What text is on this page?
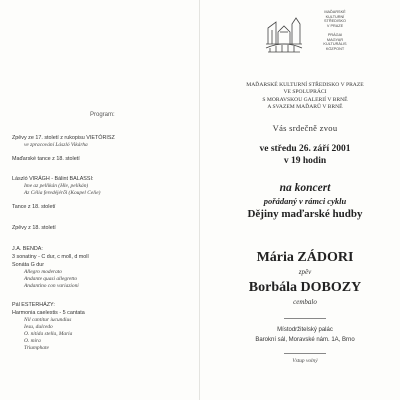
Program:
Zpěvy ze 17. století z rukopisu VIETÓRISZ
ve zpracování László Vikárha
Maďarské tance z 18. století
László VIRÁGH - Bálint BALASSI:
Ime az pellikán (Hle, pelikán)
Az Célia feredéjéről (Koupel Celie)
Tance z 18. století
Zpěvy z 18. století
J.A. BENDA:
3 sonatiny - C dur, c moll, d moll
Sonáta G dur
Allegro moderato
Andante quasi allegretto
Andantino con variazioni
Pál ESTERHÁZY:
Harmonia caelestis - 5 cantata
Nil cantitur iucundius
Iesu, dulcedo
O. nitida stella, Maria
O. mira
Triumphate
MAĎARSKÉ
KULTURNÍ
STŘEDISKO
V PRAZE

PRÁGAI
MAGYAR
KULTURÁLIS
KÖZPONT
MAĎARSKÉ KULTURNÍ STŘEDISKO V PRAZE
VE SPOLUPRÁCI
S MORAVSKOU GALERIÍ V BRNĚ
A SVAZEM MAĎARŮ V BRNĚ
Vás srdečně zvou
ve středu 26. září 2001
v 19 hodin
na koncert
pořádaný v rámci cyklu
Dějiny maďarské hudby
Mária ZÁDORI
zpěv
Borbála DOBOZY
cembalo
Místodržitelský palác
Barokní sál, Moravské nám. 1A, Brno
Vstup volný
